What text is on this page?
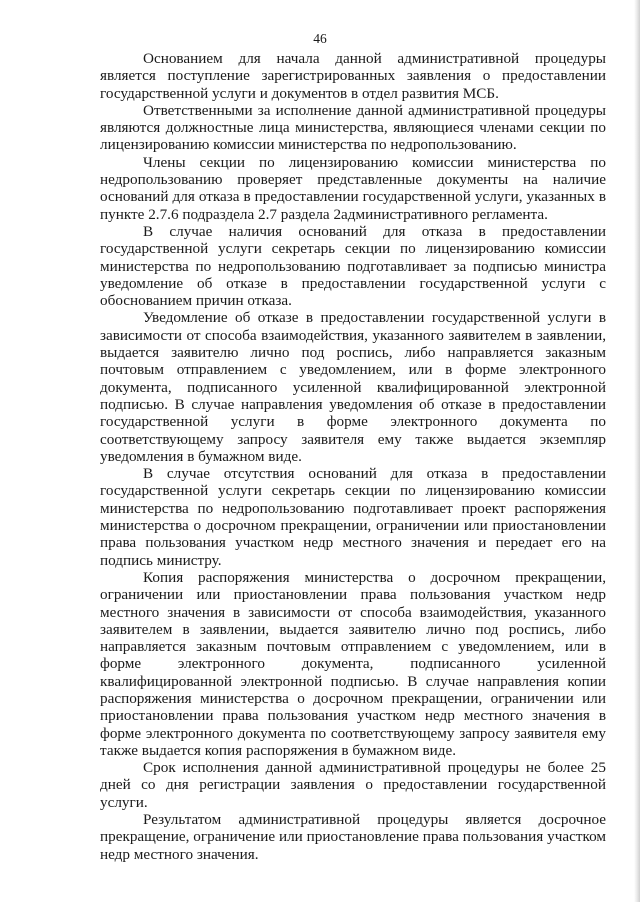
46

Основанием для начала данной административной процедуры является поступление зарегистрированных заявления о предоставлении государственной услуги и документов в отдел развития МСБ.

Ответственными за исполнение данной административной процедуры являются должностные лица министерства, являющиеся членами секции по лицензированию комиссии министерства по недропользованию.

Члены секции по лицензированию комиссии министерства по недропользованию проверяет представленные документы на наличие оснований для отказа в предоставлении государственной услуги, указанных в пункте 2.7.6 подраздела 2.7 раздела 2административного регламента.

В случае наличия оснований для отказа в предоставлении государственной услуги секретарь секции по лицензированию комиссии министерства по недропользованию подготавливает за подписью министра уведомление об отказе в предоставлении государственной услуги с обоснованием причин отказа.

Уведомление об отказе в предоставлении государственной услуги в зависимости от способа взаимодействия, указанного заявителем в заявлении, выдается заявителю лично под роспись, либо направляется заказным почтовым отправлением с уведомлением, или в форме электронного документа, подписанного усиленной квалифицированной электронной подписью. В случае направления уведомления об отказе в предоставлении государственной услуги в форме электронного документа по соответствующему запросу заявителя ему также выдается экземпляр уведомления в бумажном виде.

В случае отсутствия оснований для отказа в предоставлении государственной услуги секретарь секции по лицензированию комиссии министерства по недропользованию подготавливает проект распоряжения министерства о досрочном прекращении, ограничении или приостановлении права пользования участком недр местного значения и передает его на подпись министру.

Копия распоряжения министерства о досрочном прекращении, ограничении или приостановлении права пользования участком недр местного значения в зависимости от способа взаимодействия, указанного заявителем в заявлении, выдается заявителю лично под роспись, либо направляется заказным почтовым отправлением с уведомлением, или в форме электронного документа, подписанного усиленной квалифицированной электронной подписью. В случае направления копии распоряжения министерства о досрочном прекращении, ограничении или приостановлении права пользования участком недр местного значения в форме электронного документа по соответствующему запросу заявителя ему также выдается копия распоряжения в бумажном виде.

Срок исполнения данной административной процедуры не более 25 дней со дня регистрации заявления о предоставлении государственной услуги.

Результатом административной процедуры является досрочное прекращение, ограничение или приостановление права пользования участком недр местного значения.
